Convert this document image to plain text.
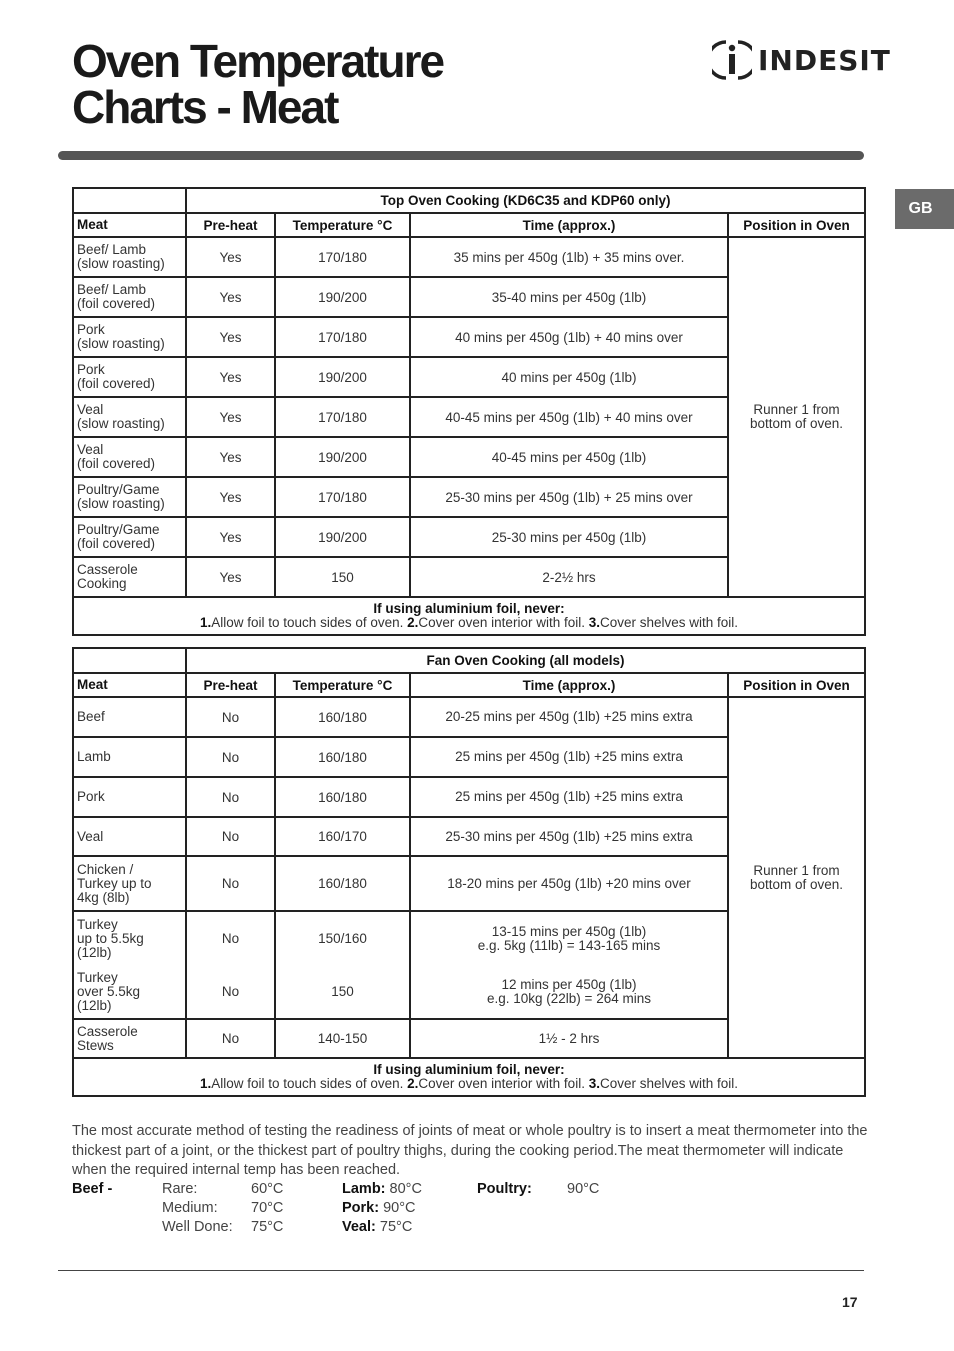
Oven Temperature
Charts - Meat
INDESIT
GB
	Top Oven Cooking (KD6C35 and KDP60 only)			
Meat	Pre-heat	Temperature °C	Time (approx.)	Position in Oven
Beef/ Lamb
(slow roasting)	Yes	170/180	35 mins per 450g (1lb) + 35 mins over.	Runner 1 from
bottom of oven.
Beef/ Lamb
(foil covered)	Yes	190/200	35-40 mins per 450g (1lb)	
Pork
(slow roasting)	Yes	170/180	40 mins per 450g (1lb) + 40 mins over	
Pork
(foil covered)	Yes	190/200	40 mins per 450g (1lb)	
Veal
(slow roasting)	Yes	170/180	40-45 mins per 450g (1lb) + 40 mins over	
Veal
(foil covered)	Yes	190/200	40-45 mins per 450g (1lb)	
Poultry/Game
(slow roasting)	Yes	170/180	25-30 mins per 450g (1lb) + 25 mins over	
Poultry/Game
(foil covered)	Yes	190/200	25-30 mins per 450g (1lb)	
Casserole
Cooking	Yes	150	2-2½ hrs	
If using aluminium foil, never:
1.Allow foil to touch sides of oven. 2.Cover oven interior with foil. 3.Cover shelves with foil.				
	Fan Oven Cooking (all models)			
Meat	Pre-heat	Temperature °C	Time (approx.)	Position in Oven
Beef	No	160/180	20-25 mins per 450g (1lb) +25 mins extra	Runner 1 from
bottom of oven.
Lamb	No	160/180	25 mins per 450g (1lb) +25 mins extra	
Pork	No	160/180	25 mins per 450g (1lb) +25 mins extra	
Veal	No	160/170	25-30 mins per 450g (1lb) +25 mins extra	
Chicken /
Turkey up to
4kg (8lb)	No	160/180	18-20 mins per 450g (1lb) +20 mins over	
Turkey
up to 5.5kg
(12lb)	No	150/160	13-15 mins per 450g (1lb)
e.g. 5kg (11lb) = 143-165 mins	
Turkey
over 5.5kg
(12lb)	No	150	12 mins per 450g (1lb)
e.g. 10kg (22lb) = 264 mins	
Casserole
Stews	No	140-150	1½ - 2 hrs	
If using aluminium foil, never:
1.Allow foil to touch sides of oven. 2.Cover oven interior with foil. 3.Cover shelves with foil.				

The most accurate method of testing the readiness of joints of meat or whole poultry is to insert a meat thermometer into the thickest part of a joint, or the thickest part of poultry thighs, during the cooking period.The meat thermometer will indicate when the required internal temp has been reached.

Beef -	Rare:	60°C
Medium: 70°C
Well Done: 75°C
Lamb: 80°C
Pork: 90°C
Veal: 75°C
Poultry: 90°C
17
